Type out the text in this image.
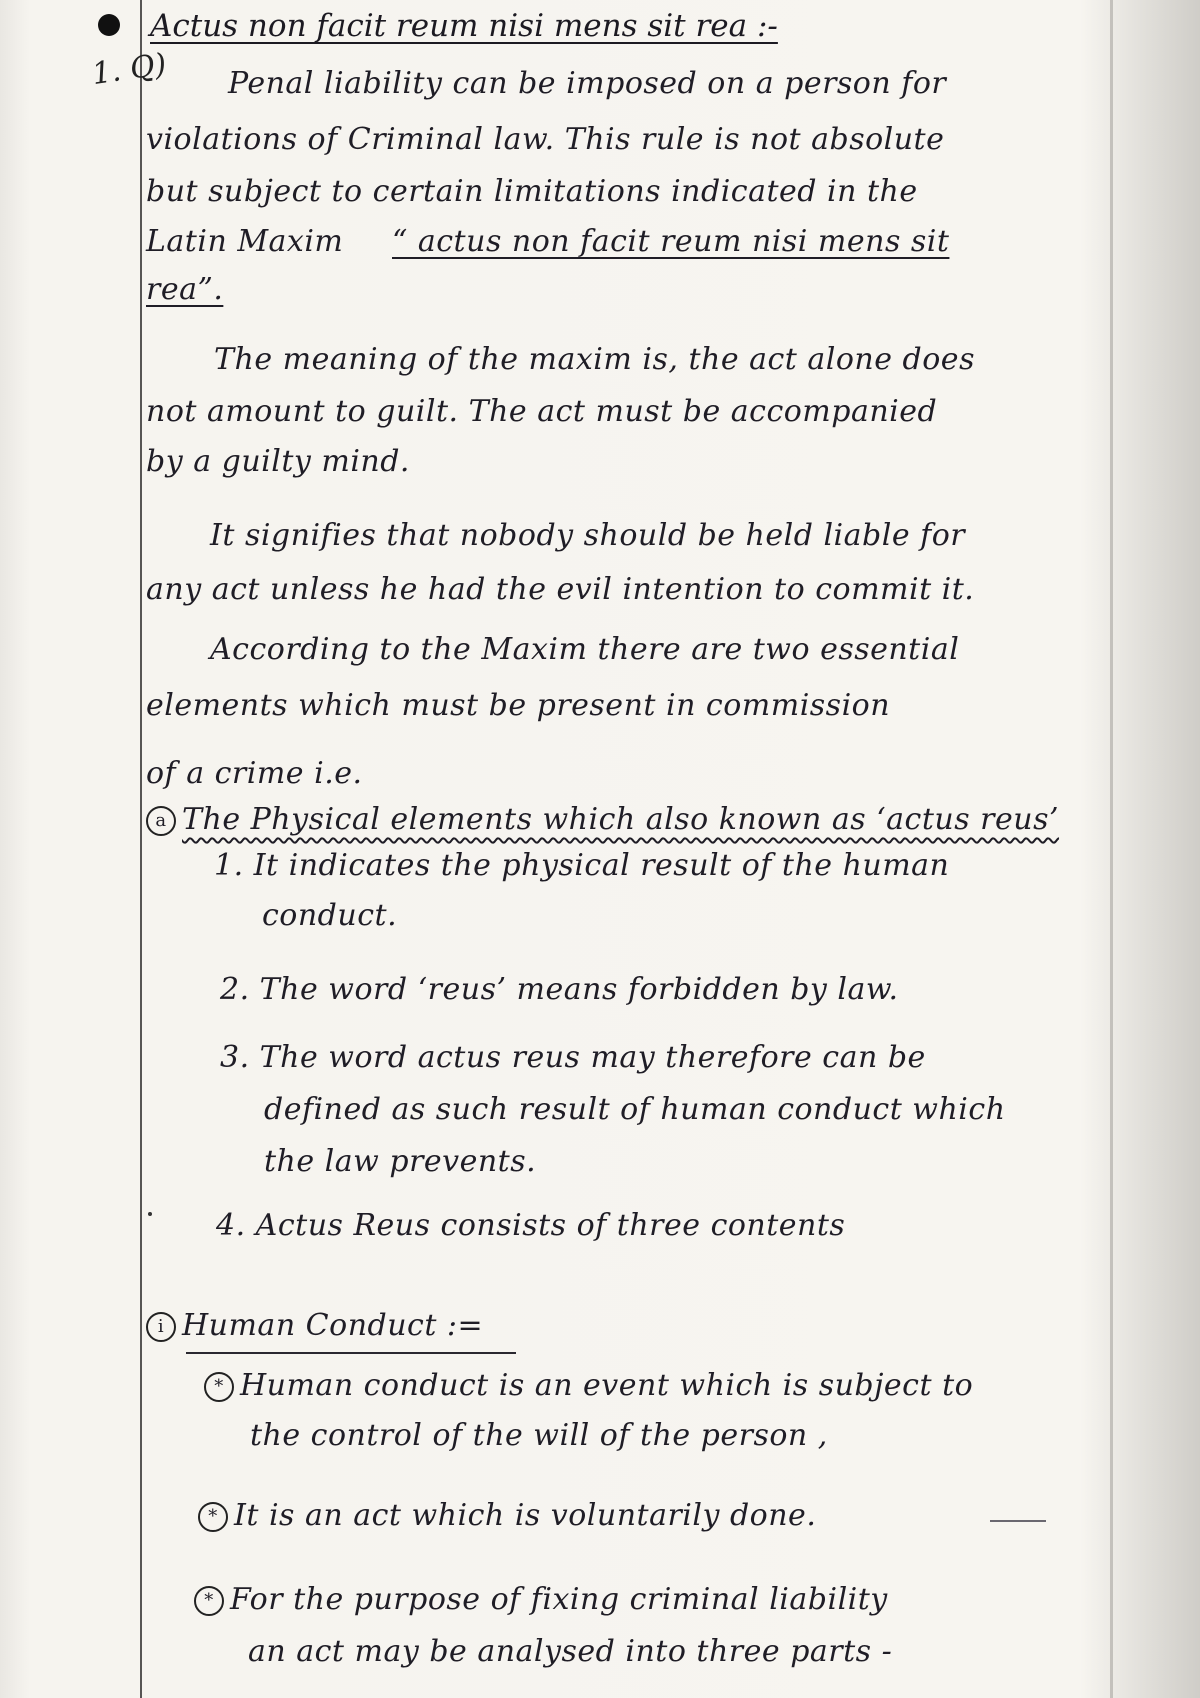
1. Q)
Actus non facit reum nisi mens sit rea :-
Penal liability can be imposed on a person for
violations of Criminal law. This rule is not absolute
but subject to certain limitations indicated in the
Latin Maxim “ actus non facit reum nisi mens sit
rea”.
The meaning of the maxim is, the act alone does
not amount to guilt. The act must be accompanied
by a guilty mind.
It signifies that nobody should be held liable for
any act unless he had the evil intention to commit it.
According to the Maxim there are two essential
elements which must be present in commission
of a crime i.e.
a The Physical elements which also known as ‘actus reus’
1. It indicates the physical result of the human
conduct.
2. The word ‘reus’ means forbidden by law.
3. The word actus reus may therefore can be
defined as such result of human conduct which
the law prevents.
4. Actus Reus consists of three contents
i Human Conduct :=
* Human conduct is an event which is subject to
the control of the will of the person ,
* It is an act which is voluntarily done.
* For the purpose of fixing criminal liability
an act may be analysed into three parts -
